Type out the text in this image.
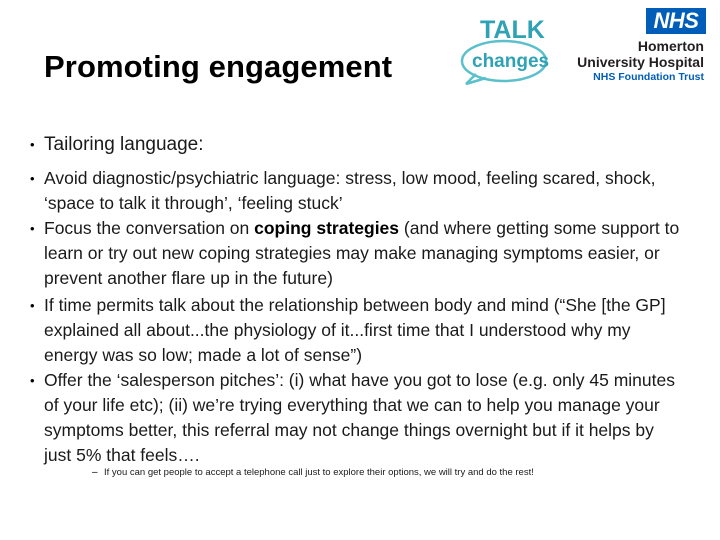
Promoting engagement
TALK
changes
NHS
Homerton
University Hospital
NHS Foundation Trust
• Tailoring language:
• Avoid diagnostic/psychiatric language: stress, low mood, feeling scared, shock, ‘space to talk it through’, ‘feeling stuck’
• Focus the conversation on coping strategies (and where getting some support to learn or try out new coping strategies may make managing symptoms easier, or prevent another flare up in the future)
• If time permits talk about the relationship between body and mind (“She [the GP] explained all about...the physiology of it...first time that I understood why my energy was so low; made a lot of sense”)
• Offer the ‘salesperson pitches’: (i) what have you got to lose (e.g. only 45 minutes of your life etc); (ii) we’re trying everything that we can to help you manage your symptoms better, this referral may not change things overnight but if it helps by just 5% that feels….
– If you can get people to accept a telephone call just to explore their options, we will try and do the rest!
